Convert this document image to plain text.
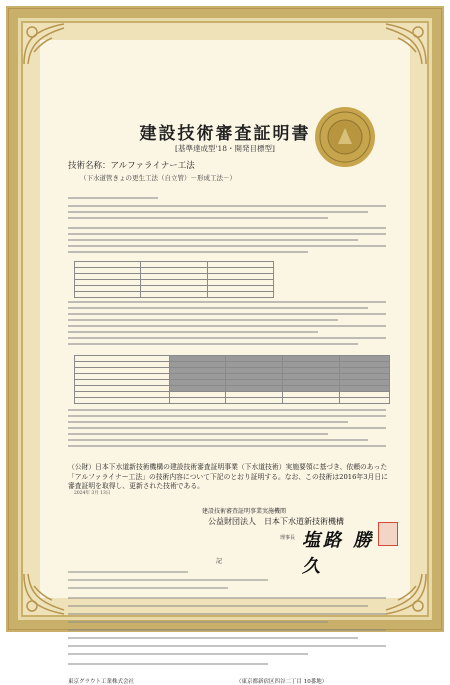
建設技術審査証明書
[基準達成型'18・開発目標型]
技術名称：アルファライナー工法
（下水道管きょの更生工法（自立管）－形成工法－）

（公財）日本下水道新技術機構の建設技術審査証明事業（下水道技術）実施要領に基づき、依頼のあった「アルファライナー工法」の技術内容について下記のとおり証明する。なお、この技術は2016年3月日に審査証明を取得し、更新された技術である。
2024年 3月 13日
建設技術審査証明事業実施機関
公益財団法人　日本下水道新技術機構
理事長 塩路 勝久
記
東京グラウト工業株式会社	（東京都新宿区四谷二丁目 10番地）
